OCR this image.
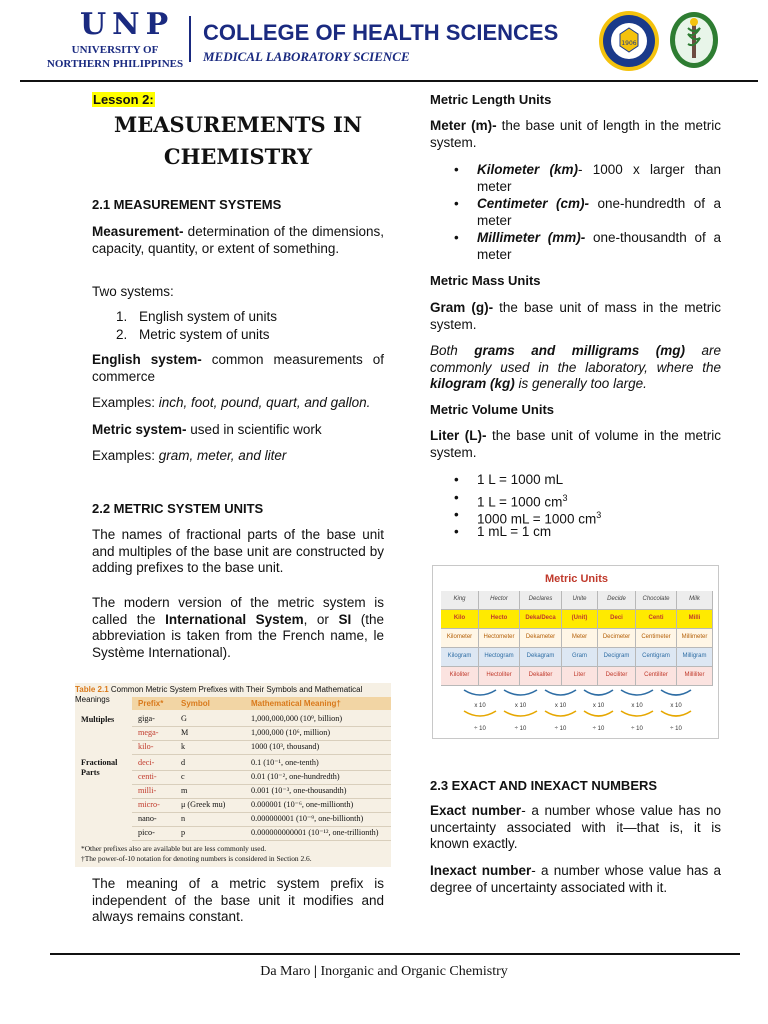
UNP
UNIVERSITY OF
NORTHERN PHILIPPINES
COLLEGE OF HEALTH SCIENCES
MEDICAL LABORATORY SCIENCE
1906
Lesson 2:
MEASUREMENTS IN
CHEMISTRY
2.1 MEASUREMENT SYSTEMS
Measurement- determination of the dimensions, capacity, quantity, or extent of something.
Two systems:
1. English system of units
2. Metric system of units
English system- common measurements of commerce
Examples: inch, foot, pound, quart, and gallon.
Metric system- used in scientific work
Examples: gram, meter, and liter
2.2 METRIC SYSTEM UNITS
The names of fractional parts of the base unit and multiples of the base unit are constructed by adding prefixes to the base unit.
The modern version of the metric system is called the International System, or SI (the abbreviation is taken from the French name, le Système International).
Table 2.1 Common Metric System Prefixes with Their Symbols and Mathematical Meanings	Prefix* Symbol	Mathematical Meaning†
Multiples
Fractional Parts
giga-	G	1,000,000,000 (10⁹, billion)
mega-	M	1,000,000 (10⁶, million)
kilo-	k	1000 (10³, thousand)
deci-	d	0.1 (10⁻¹, one-tenth)
centi-	c	0.01 (10⁻², one-hundredth)
milli-	m	0.001 (10⁻³, one-thousandth)
micro-	μ (Greek mu)	0.000001 (10⁻⁶, one-millionth)
nano-	n	0.000000001 (10⁻⁹, one-billionth)
pico-	p	0.000000000001 (10⁻¹², one-trillionth)
*Other prefixes also are available but are less commonly used.
†The power-of-10 notation for denoting numbers is considered in Section 2.6.
The meaning of a metric system prefix is independent of the base unit it modifies and always remains constant.
Metric Length Units
Meter (m)- the base unit of length in the metric system.
• Kilometer (km)- 1000 x larger than meter
• Centimeter (cm)- one-hundredth of a meter
• Millimeter (mm)- one-thousandth of a meter
Metric Mass Units
Gram (g)- the base unit of mass in the metric system.
Both grams and milligrams (mg) are commonly used in the laboratory, where the kilogram (kg) is generally too large.
Metric Volume Units
Liter (L)- the base unit of volume in the metric system.
• 1 L = 1000 mL
• 1 L = 1000 $cm^3$
• 1000 mL = 1000 $cm^3$
• 1 mL = 1 cm
Metric Units
King	Hector	Declares	Unite	Decide	Chocolate	Milk
Kilo	Hecto	Deka/Deca	(Unit)	Deci	Centi	Milli
Kilometer	Hectometer	Dekameter	Meter	Decimeter	Centimeter	Millimeter
Kilogram	Hectogram	Dekagram	Gram	Decigram	Centigram	Milligram
Kiloliter	Hectoliter	Dekaliter	Liter	Deciliter	Centiliter	Milliliter
x 10
÷ 10
x 10
÷ 10
x 10
÷ 10
x 10
÷ 10
x 10
÷ 10
x 10
÷ 10
2.3 EXACT AND INEXACT NUMBERS
Exact number- a number whose value has no uncertainty associated with it—that is, it is known exactly.
Inexact number- a number whose value has a degree of uncertainty associated with it.
Da Maro | Inorganic and Organic Chemistry
